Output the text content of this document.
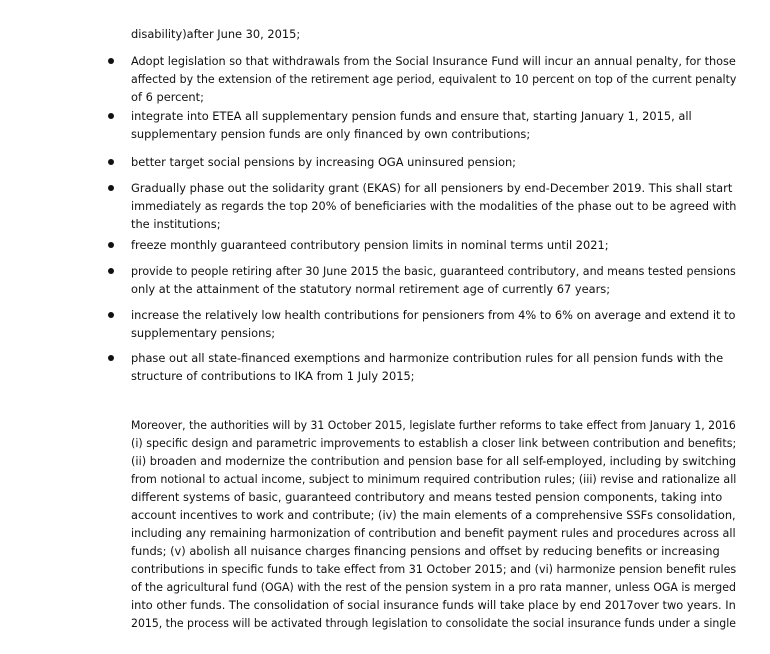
disability)after June 30, 2015;
Adopt legislation so that withdrawals from the Social Insurance Fund will incur an annual penalty, for those
affected by the extension of the retirement age period, equivalent to 10 percent on top of the current penalty
of 6 percent;
integrate into ETEA all supplementary pension funds and ensure that, starting January 1, 2015, all
supplementary pension funds are only financed by own contributions;
better target social pensions by increasing OGA uninsured pension;
Gradually phase out the solidarity grant (EKAS) for all pensioners by end-December 2019. This shall start
immediately as regards the top 20% of beneficiaries with the modalities of the phase out to be agreed with
the institutions;
freeze monthly guaranteed contributory pension limits in nominal terms until 2021;
provide to people retiring after 30 June 2015 the basic, guaranteed contributory, and means tested pensions
only at the attainment of the statutory normal retirement age of currently 67 years;
increase the relatively low health contributions for pensioners from 4% to 6% on average and extend it to
supplementary pensions;
phase out all state-financed exemptions and harmonize contribution rules for all pension funds with the
structure of contributions to IKA from 1 July 2015;
Moreover, the authorities will by 31 October 2015, legislate further reforms to take effect from January 1, 2016
(i) specific design and parametric improvements to establish a closer link between contribution and benefits;
(ii) broaden and modernize the contribution and pension base for all self-employed, including by switching
from notional to actual income, subject to minimum required contribution rules; (iii) revise and rationalize all
different systems of basic, guaranteed contributory and means tested pension components, taking into
account incentives to work and contribute; (iv) the main elements of a comprehensive SSFs consolidation,
including any remaining harmonization of contribution and benefit payment rules and procedures across all
funds; (v) abolish all nuisance charges financing pensions and offset by reducing benefits or increasing
contributions in specific funds to take effect from 31 October 2015; and (vi) harmonize pension benefit rules
of the agricultural fund (OGA) with the rest of the pension system in a pro rata manner, unless OGA is merged
into other funds. The consolidation of social insurance funds will take place by end 2017over two years. In
2015, the process will be activated through legislation to consolidate the social insurance funds under a single
